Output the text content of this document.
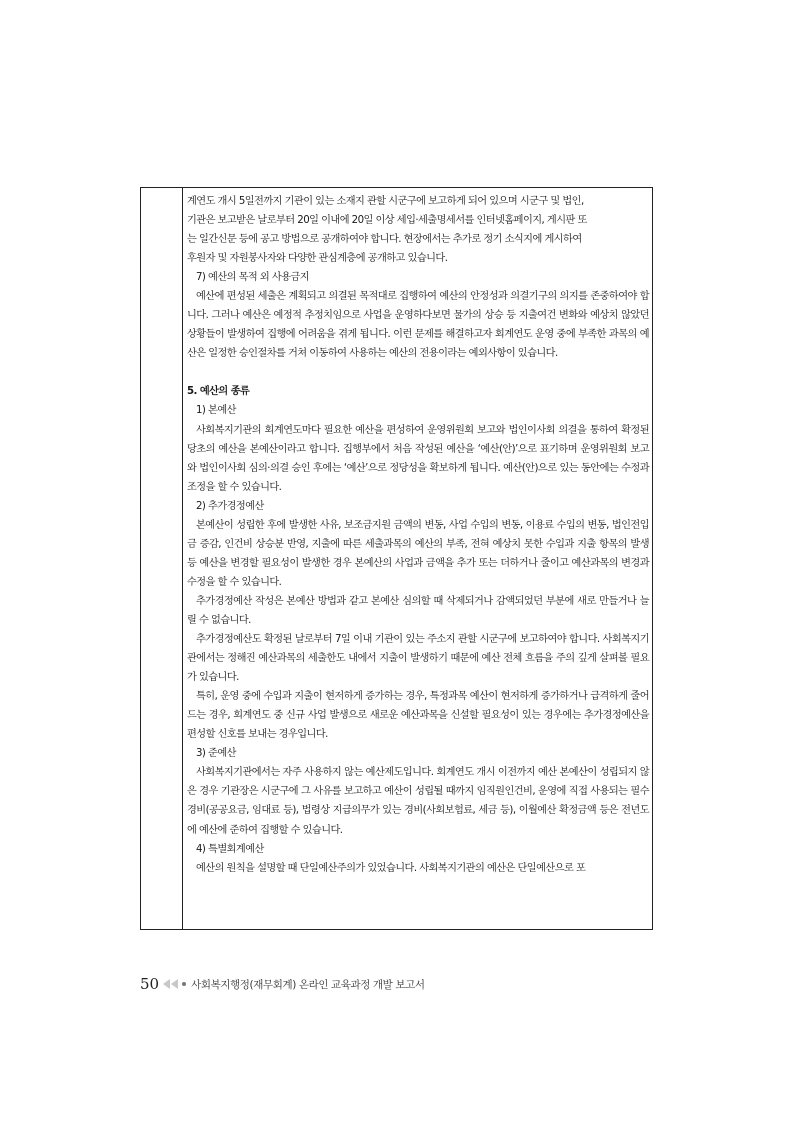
계연도 개시 5일전까지 기관이 있는 소재지 관할 시군구에 보고하게 되어 있으며 시군구 및 법인,

기관은 보고받은 날로부터 20일 이내에 20일 이상 세입·세출명세서를 인터넷홈페이지, 게시판 또

는 일간신문 등에 공고 방법으로 공개하여야 합니다. 현장에서는 추가로 정기 소식지에 게시하여

후원자 및 자원봉사자와 다양한 관심계층에 공개하고 있습니다.

7) 예산의 목적 외 사용금지

예산에 편성된 세출은 계획되고 의결된 목적대로 집행하여 예산의 안정성과 의결기구의 의지를 존중하여야 합니다. 그러나 예산은 예정적 추정치임으로 사업을 운영하다보면 물가의 상승 등 지출여건 변화와 예상치 않았던 상황들이 발생하여 집행에 어려움을 겪게 됩니다. 이런 문제를 해결하고자 회계연도 운영 중에 부족한 과목의 예산은 일정한 승인절차를 거쳐 이동하여 사용하는 예산의 전용이라는 예외사항이 있습니다.

5. 예산의 종류

1) 본예산

사회복지기관의 회계연도마다 필요한 예산을 편성하여 운영위원회 보고와 법인이사회 의결을 통하여 확정된 당초의 예산을 본예산이라고 합니다. 집행부에서 처음 작성된 예산을 ‘예산(안)’으로 표기하며 운영위원회 보고와 법인이사회 심의·의결 승인 후에는 ‘예산’으로 정당성을 확보하게 됩니다. 예산(안)으로 있는 동안에는 수정과 조정을 할 수 있습니다.

2) 추가경정예산

본예산이 성립한 후에 발생한 사유, 보조금지원 금액의 변동, 사업 수입의 변동, 이용료 수입의 변동, 법인전입금 증감, 인건비 상승분 반영, 지출에 따른 세출과목의 예산의 부족, 전혀 예상치 못한 수입과 지출 항목의 발생 등 예산을 변경할 필요성이 발생한 경우 본예산의 사업과 금액을 추가 또는 더하거나 줄이고 예산과목의 변경과 수정을 할 수 있습니다.

추가경정예산 작성은 본예산 방법과 같고 본예산 심의할 때 삭제되거나 감액되었던 부분에 새로 만들거나 늘릴 수 없습니다.

추가경정예산도 확정된 날로부터 7일 이내 기관이 있는 주소지 관할 시군구에 보고하여야 합니다. 사회복지기관에서는 정해진 예산과목의 세출한도 내에서 지출이 발생하기 때문에 예산 전체 흐름을 주의 깊게 살펴볼 필요가 있습니다.

특히, 운영 중에 수입과 지출이 현저하게 증가하는 경우, 특정과목 예산이 현저하게 증가하거나 급격하게 줄어드는 경우, 회계연도 중 신규 사업 발생으로 새로운 예산과목을 신설할 필요성이 있는 경우에는 추가경정예산을 편성할 신호를 보내는 경우입니다.

3) 준예산

사회복지기관에서는 자주 사용하지 않는 예산제도입니다. 회계연도 개시 이전까지 예산 본예산이 성립되지 않은 경우 기관장은 시군구에 그 사유를 보고하고 예산이 성립될 때까지 임직원인건비, 운영에 직접 사용되는 필수경비(공공요금, 임대료 등), 법령상 지급의무가 있는 경비(사회보험료, 세금 등), 이월예산 확정금액 등은 전년도에 예산에 준하여 집행할 수 있습니다.

4) 특별회계예산

예산의 원칙을 설명할 때 단일예산주의가 있었습니다. 사회복지기관의 예산은 단일예산으로 포

50	사회복지행정(재무회계) 온라인 교육과정 개발 보고서
